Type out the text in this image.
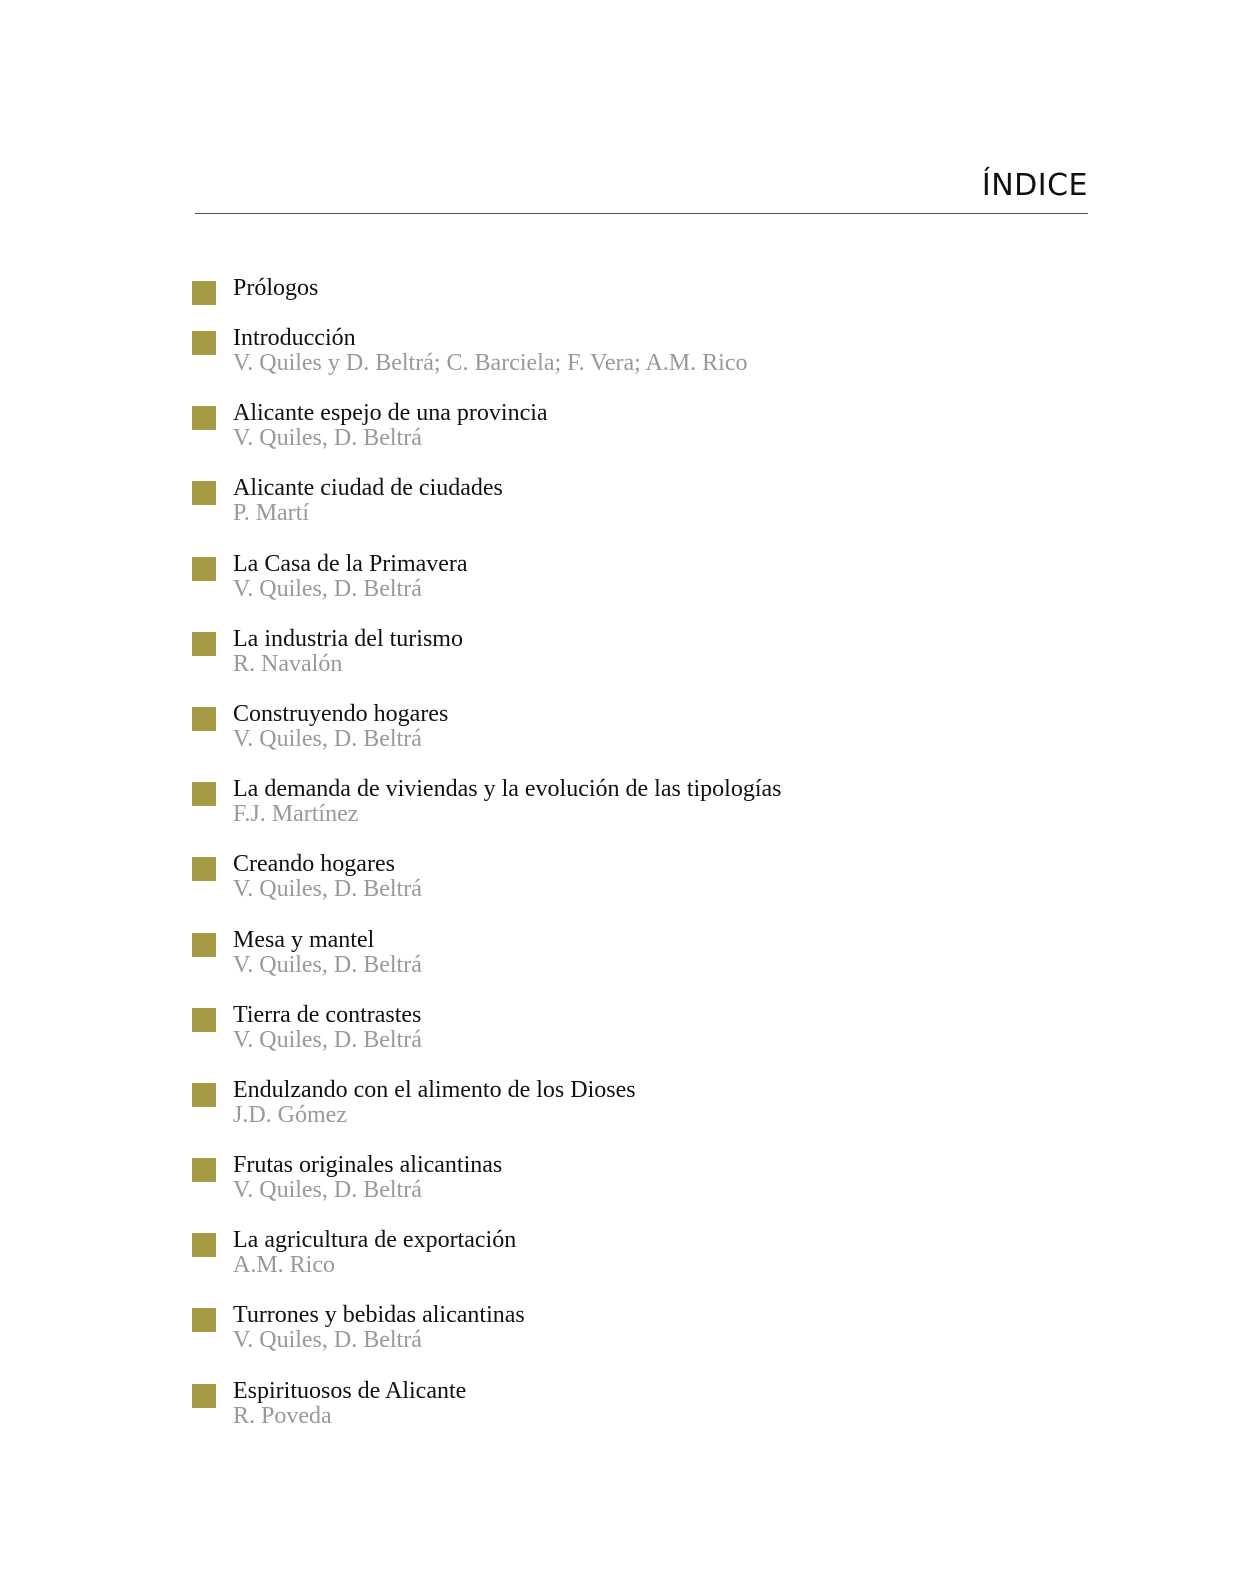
ÍNDICE
Prólogos
Introducción
V. Quiles y D. Beltrá; C. Barciela; F. Vera; A.M. Rico
Alicante espejo de una provincia
V. Quiles, D. Beltrá
Alicante ciudad de ciudades
P. Martí
La Casa de la Primavera
V. Quiles, D. Beltrá
La industria del turismo
R. Navalón
Construyendo hogares
V. Quiles, D. Beltrá
La demanda de viviendas y la evolución de las tipologías
F.J. Martínez
Creando hogares
V. Quiles, D. Beltrá
Mesa y mantel
V. Quiles, D. Beltrá
Tierra de contrastes
V. Quiles, D. Beltrá
Endulzando con el alimento de los Dioses
J.D. Gómez
Frutas originales alicantinas
V. Quiles, D. Beltrá
La agricultura de exportación
A.M. Rico
Turrones y bebidas alicantinas
V. Quiles, D. Beltrá
Espirituosos de Alicante
R. Poveda
